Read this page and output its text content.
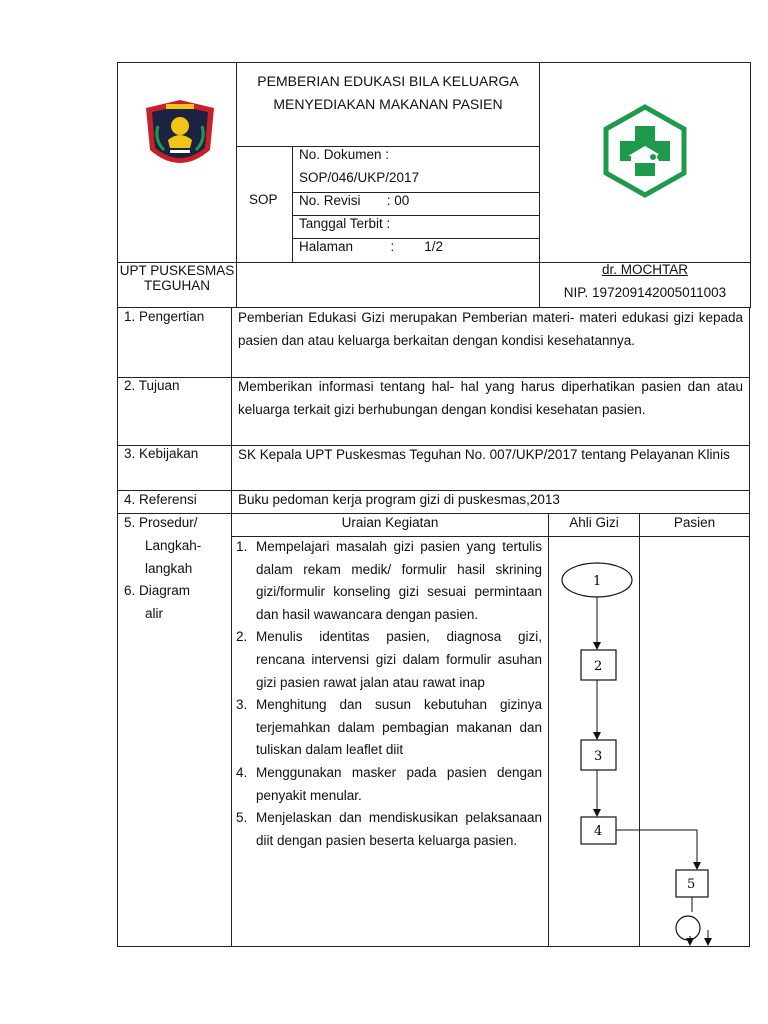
PEMBERIAN EDUKASI BILA KELUARGA MENYEDIAKAN MAKANAN PASIEN
SOP
No. Dokumen :
SOP/046/UKP/2017
No. Revisi       : 00
Tanggal Terbit :
Halaman          :        1/2
UPT PUSKESMAS TEGUHAN
dr. MOCHTAR
NIP. 197209142005011003
1. Pengertian
2. Tujuan
3. Kebijakan
4. Referensi
5. Prosedur/
Langkah-
langkah
6. Diagram
alir
Pemberian Edukasi Gizi merupakan Pemberian materi- materi edukasi gizi kepada pasien dan atau keluarga berkaitan dengan kondisi kesehatannya.
Memberikan informasi tentang hal- hal yang harus diperhatikan pasien dan atau keluarga terkait gizi berhubungan dengan kondisi kesehatan pasien.
SK Kepala UPT Puskesmas Teguhan No. 007/UKP/2017 tentang Pelayanan Klinis
Buku pedoman kerja program gizi di puskesmas,2013
Uraian Kegiatan	Ahli Gizi	Pasien
1. Mempelajari masalah gizi pasien yang tertulis dalam rekam medik/ formulir hasil skrining gizi/formulir konseling gizi sesuai permintaan dan hasil wawancara dengan pasien.
2. Menulis identitas pasien, diagnosa gizi, rencana intervensi gizi dalam formulir asuhan gizi pasien rawat jalan atau rawat inap
3. Menghitung dan susun kebutuhan gizinya terjemahkan dalam pembagian makanan dan tuliskan dalam leaflet diit
4. Menggunakan masker pada pasien dengan penyakit menular.
5. Menjelaskan dan mendiskusikan pelaksanaan diit dengan pasien beserta keluarga pasien.
1
2
3
4
5
